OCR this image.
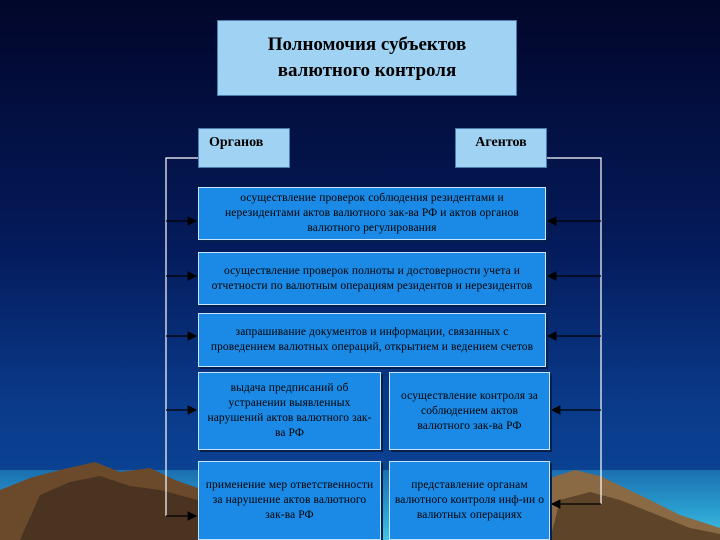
Полномочия субъектов валютного контроля
Органов	Агентов
осуществление проверок соблюдения резидентами и нерезидентами актов валютного зак-ва РФ и актов органов валютного регулирования
осуществление проверок полноты и достоверности учета и отчетности по валютным операциям резидентов и нерезидентов
запрашивание документов и информации, связанных с проведением валютных операций, открытием и ведением счетов
выдача предписаний об устранении выявленных нарушений актов валютного зак-ва РФ
осуществление контроля за соблюдением актов валютного зак-ва РФ
применение мер ответственности за нарушение актов валютного зак-ва РФ
представление органам валютного контроля инф-ии о валютных операциях
